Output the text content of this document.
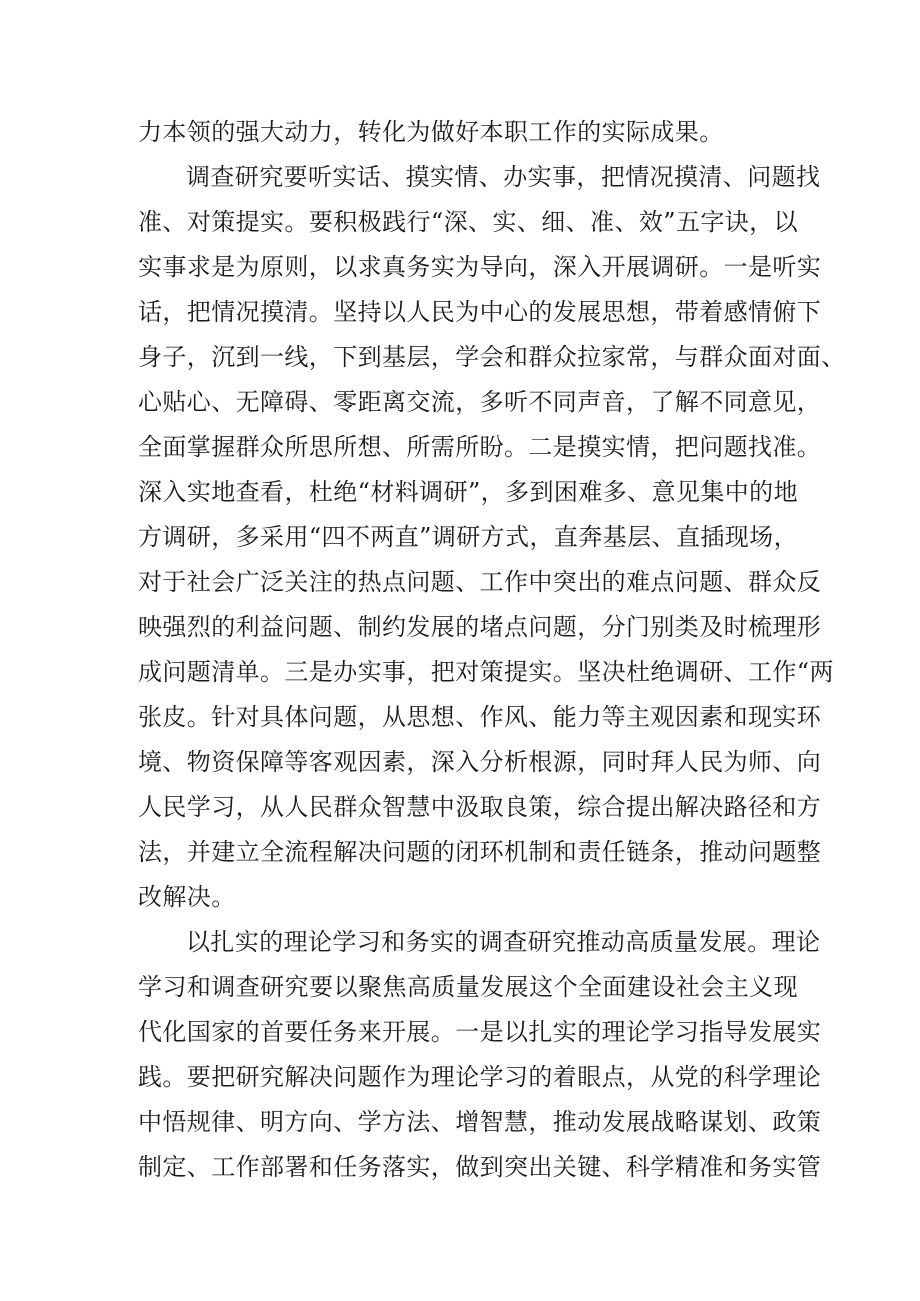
力本领的强大动力，转化为做好本职工作的实际成果。
调查研究要听实话、摸实情、办实事，把情况摸清、问题找
准、对策提实。要积极践行“深、实、细、准、效”五字诀，以
实事求是为原则，以求真务实为导向，深入开展调研。一是听实
话，把情况摸清。坚持以人民为中心的发展思想，带着感情俯下
身子，沉到一线，下到基层，学会和群众拉家常，与群众面对面、
心贴心、无障碍、零距离交流，多听不同声音，了解不同意见，
全面掌握群众所思所想、所需所盼。二是摸实情，把问题找准。
深入实地查看，杜绝“材料调研”，多到困难多、意见集中的地
方调研，多采用“四不两直”调研方式，直奔基层、直插现场，
对于社会广泛关注的热点问题、工作中突出的难点问题、群众反
映强烈的利益问题、制约发展的堵点问题，分门别类及时梳理形
成问题清单。三是办实事，把对策提实。坚决杜绝调研、工作“两
张皮。针对具体问题，从思想、作风、能力等主观因素和现实环
境、物资保障等客观因素，深入分析根源，同时拜人民为师、向
人民学习，从人民群众智慧中汲取良策，综合提出解决路径和方
法，并建立全流程解决问题的闭环机制和责任链条，推动问题整
改解决。
以扎实的理论学习和务实的调查研究推动高质量发展。理论
学习和调查研究要以聚焦高质量发展这个全面建设社会主义现
代化国家的首要任务来开展。一是以扎实的理论学习指导发展实
践。要把研究解决问题作为理论学习的着眼点，从党的科学理论
中悟规律、明方向、学方法、增智慧，推动发展战略谋划、政策
制定、工作部署和任务落实，做到突出关键、科学精准和务实管
